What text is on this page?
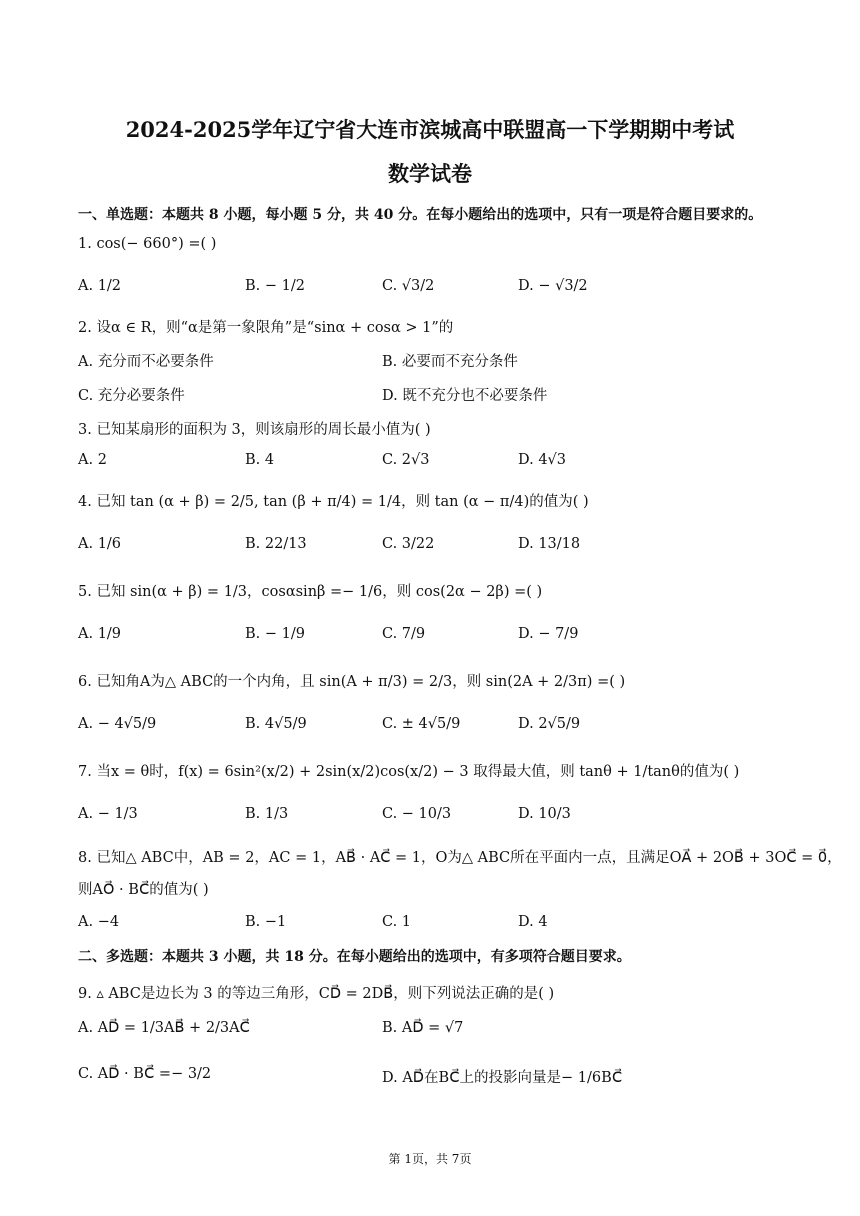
2024-2025学年辽宁省大连市滨城高中联盟高一下学期期中考试
数学试卷
一、单选题：本题共 8 小题，每小题 5 分，共 40 分。在每小题给出的选项中，只有一项是符合题目要求的。
1. cos(− 660°) =( )
A. 1/2	B. − 1/2	C. √3/2	D. − √3/2
2. 设α ∈ R，则“α是第一象限角”是“sinα + cosα > 1”的
A. 充分而不必要条件	B. 必要而不充分条件
C. 充分必要条件	D. 既不充分也不必要条件
3. 已知某扇形的面积为 3，则该扇形的周长最小值为( )
A. 2	B. 4	C. 2√3	D. 4√3
4. 已知 tan (α + β) = 2/5, tan (β + π/4) = 1/4，则 tan (α − π/4)的值为( )
A. 1/6	B. 22/13	C. 3/22	D. 13/18
5. 已知 sin(α + β) = 1/3，cosαsinβ =− 1/6，则 cos(2α − 2β) =( )
A. 1/9	B. − 1/9	C. 7/9	D. − 7/9
6. 已知角A为△ ABC的一个内角，且 sin(A + π/3) = 2/3，则 sin(2A + 2/3π) =( )
A. − 4√5/9	B. 4√5/9	C. ± 4√5/9	D. 2√5/9
7. 当x = θ时，f(x) = 6sin²(x/2) + 2sin(x/2)cos(x/2) − 3 取得最大值，则 tanθ + 1/tanθ的值为( )
A. − 1/3	B. 1/3	C. − 10/3	D. 10/3
8. 已知△ ABC中，AB = 2，AC = 1，AB⃗ · AC⃗ = 1，O为△ ABC所在平面内一点，且满足OA⃗ + 2OB⃗ + 3OC⃗ = 0⃗，
则AO⃗ · BC⃗的值为( )
A. −4	B. −1	C. 1	D. 4
二、多选题：本题共 3 小题，共 18 分。在每小题给出的选项中，有多项符合题目要求。
9. ▵ ABC是边长为 3 的等边三角形，CD⃗ = 2DB⃗，则下列说法正确的是( )
A. AD⃗ = 1/3AB⃗ + 2/3AC⃗	B. AD⃗ = √7
C. AD⃗ · BC⃗ =− 3/2	D. AD⃗在BC⃗上的投影向量是− 1/6BC⃗
第 1页，共 7页
